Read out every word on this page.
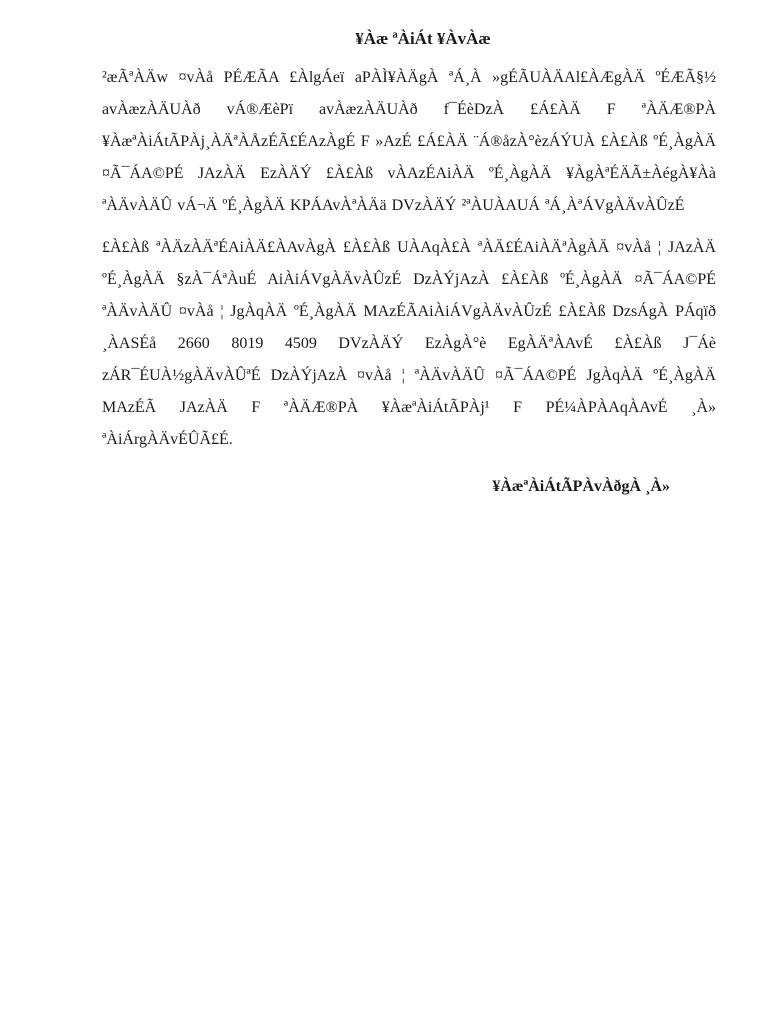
¥Àæ ªÀiÁt ¥ÀvÀæ

²æÃªÀÄw ¤vÀå PÉÆÃA £ÀlgÁeï aPÀÌ¥ÀÄgÀ ªÁ¸À »gÉÃUÀÄAl£ÀÆgÀÄ ºÉÆÃ§½ avÀæzÀÄUÀð vÁ®ÆèPï avÀæzÀÄUÀð f¯ÉèDzÀ £Á£ÀÄ F ªÀÄÆ®PÀ ¥ÀæªÀiÁtÃPÀj¸ÀÄªÀÅzÉÃ£ÉAzÀgÉ F »AzÉ £Á£ÀÄ ¨Á®åzÀ°èzÁÝUÀ £À£Àß ºÉ¸ÀgÀÄ ¤Ã¯ÁA©PÉ JAzÀÄ EzÀÄÝ £À£Àß vÀAzÉAiÀÄ ºÉ¸ÀgÀÄ ¥ÀgÀªÉÄÃ±ÀégÀ¥Àà ªÀÄvÀÄÛ vÁ¬Ä ºÉ¸ÀgÀÄ KPÁAvÀªÀÄä DVzÀÄÝ ²ªÀUÀAUÁ ªÁ¸ÀªÁVgÀÄvÀÛzÉ

£À£Àß ªÀÄzÀÄªÉAiÀÄ£ÀAvÀgÀ £À£Àß UÀAqÀ£À ªÀÄ£ÉAiÀÄªÀgÀÄ ¤vÀå ¦ JAzÀÄ ºÉ¸ÀgÀÄ §zÀ¯ÁªÀuÉ AiÀiÁVgÀÄvÀÛzÉ DzÀÝjAzÀ £À£Àß ºÉ¸ÀgÀÄ ¤Ã¯ÁA©PÉ ªÀÄvÀÄÛ ¤vÀå ¦ JgÀqÀÄ ºÉ¸ÀgÀÄ MAzÉÃAiÀiÁVgÀÄvÀÛzÉ £À£Àß DzsÁgÀ PÁqïð ¸ÀASÉå 2660 8019 4509 DVzÀÄÝ EzÀgÀ°è EgÀÄªÀAvÉ £À£Àß J¯Áè zÁR¯ÉUÀ½gÀÄvÀÛªÉ DzÀÝjAzÀ ¤vÀå ¦ ªÀÄvÀÄÛ ¤Ã¯ÁA©PÉ JgÀqÀÄ ºÉ¸ÀgÀÄ MAzÉÃ JAzÀÄ F ªÀÄÆ®PÀ ¥ÀæªÀiÁtÃPÀj¹ F PÉ¼ÀPÀAqÀAvÉ ¸À» ªÀiÁrgÀÄvÉÛÃ£É.

¥ÀæªÀiÁtÃPÀvÀðgÀ ¸À»
